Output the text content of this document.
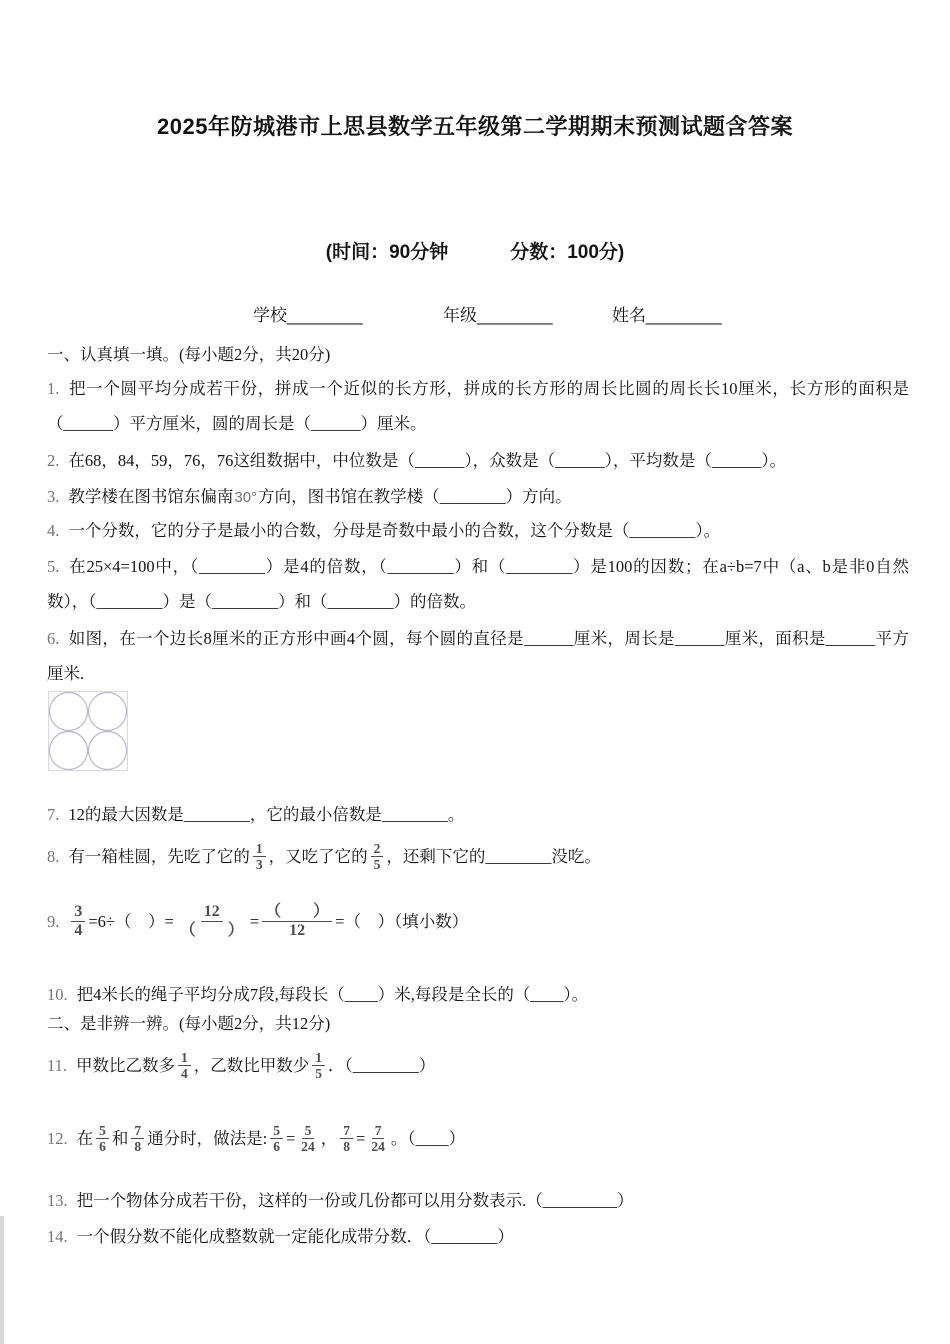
2025年防城港市上思县数学五年级第二学期期末预测试题含答案
(时间：90分钟	分数：100分)
学校________	年级________	姓名________
一、认真填一填。(每小题2分，共20分)
1. 把一个圆平均分成若干份，拼成一个近似的长方形，拼成的长方形的周长比圆的周长长10厘米，长方形的面积是（______）平方厘米，圆的周长是（______）厘米。
2. 在68，84，59，76，76这组数据中，中位数是（______），众数是（______），平均数是（______）。
3. 教学楼在图书馆东偏南30°方向，图书馆在教学楼（________）方向。
4. 一个分数，它的分子是最小的合数，分母是奇数中最小的合数，这个分数是（________）。
5. 在25×4=100中，（________）是4的倍数，（________）和（________）是100的因数；在a÷b=7中（a、b是非0自然数），（________）是（________）和（________）的倍数。
6. 如图，在一个边长8厘米的正方形中画4个圆，每个圆的直径是______厘米，周长是______厘米，面积是______平方厘米.
7. 12的最大因数是________，它的最小倍数是________。
8. 有一箱桂圆，先吃了它的 $\frac{1}{3}$ ，又吃了它的 $\frac{2}{5}$ ，还剩下它的________没吃。
9. $\frac{3}{4} =6\div$（　）= $\frac{12}{( )} = \frac{( )}{12}$ =（　）（填小数）
10. 把4米长的绳子平均分成7段,每段长（____）米,每段是全长的（____）。
二、是非辨一辨。(每小题2分，共12分)
11. 甲数比乙数多 $\frac{1}{4}$ ，乙数比甲数少 $\frac{1}{5}$ ．（________）
12. 在 $\frac{5}{6}$ 和 $\frac{7}{8}$ 通分时，做法是: $\frac{5}{6} = \frac{5}{24}$ ， $\frac{7}{8} = \frac{7}{24}$ 。（____）
13. 把一个物体分成若干份，这样的一份或几份都可以用分数表示.（_________）
14. 一个假分数不能化成整数就一定能化成带分数．（________）
